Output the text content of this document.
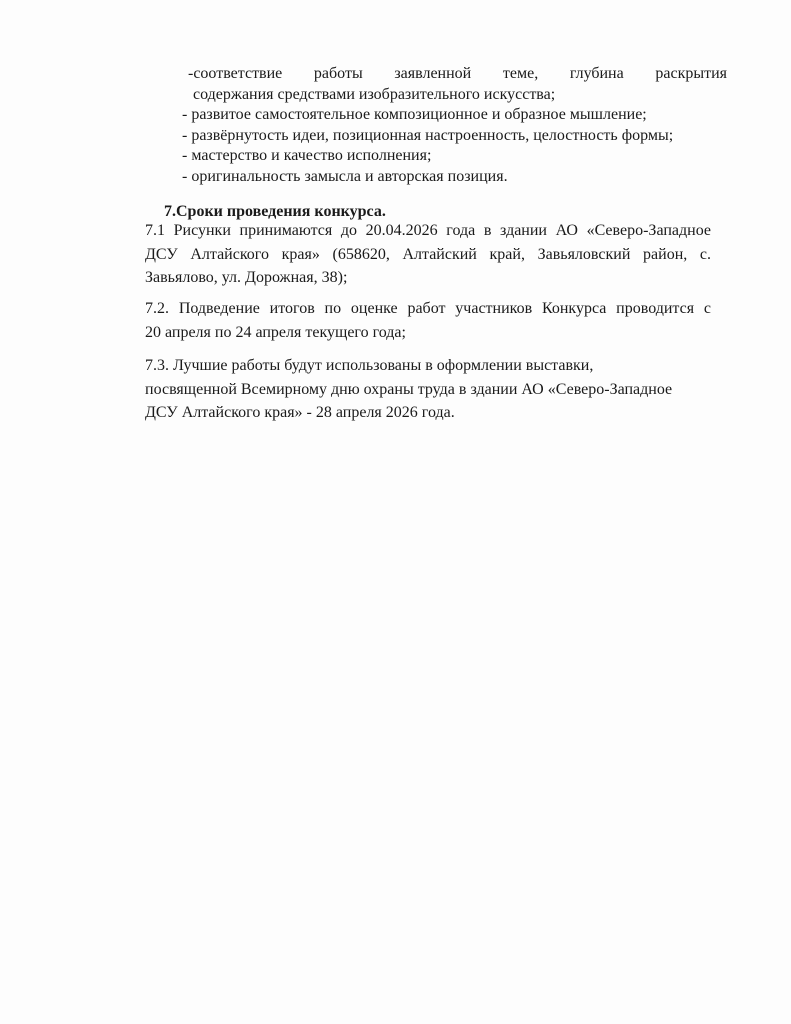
-соответствие работы заявленной теме, глубина раскрытия
содержания средствами изобразительного искусства;
- развитое самостоятельное композиционное и образное мышление;
- развёрнутость идеи, позиционная настроенность, целостность формы;
- мастерство и качество исполнения;
- оригинальность замысла и авторская позиция.
7.Сроки проведения конкурса.
7.1 Рисунки принимаются до 20.04.2026 года в здании АО «Северо-Западное
ДСУ Алтайского края» (658620, Алтайский край, Завьяловский район, с.
Завьялово, ул. Дорожная, 38);
7.2. Подведение итогов по оценке работ участников Конкурса проводится с
20 апреля по 24 апреля текущего года;
7.3. Лучшие работы будут использованы в оформлении выставки,
посвященной Всемирному дню охраны труда в здании АО «Северо-Западное
ДСУ Алтайского края» - 28 апреля 2026 года.
